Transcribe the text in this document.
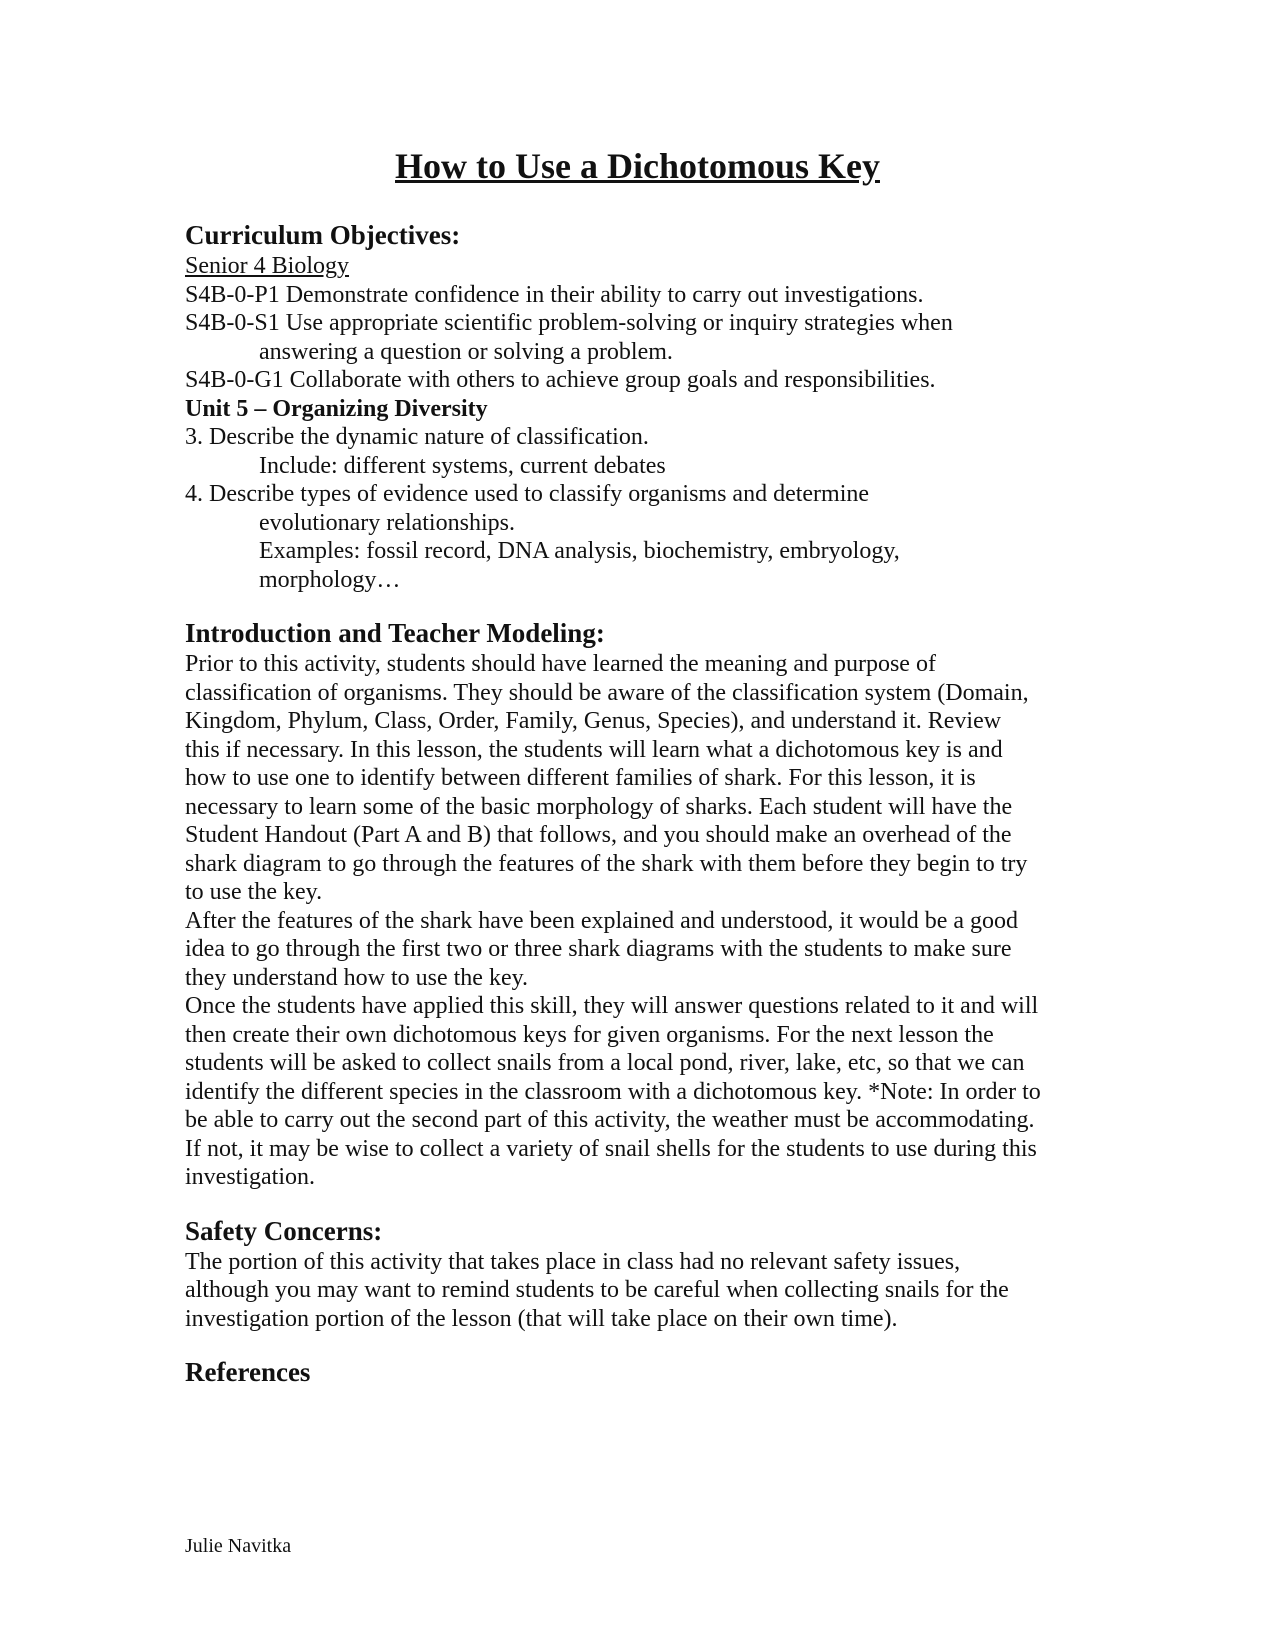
How to Use a Dichotomous Key

Curriculum Objectives:

Senior 4 Biology

S4B-0-P1 Demonstrate confidence in their ability to carry out investigations.

S4B-0-S1 Use appropriate scientific problem-solving or inquiry strategies when

answering a question or solving a problem.

S4B-0-G1 Collaborate with others to achieve group goals and responsibilities.

Unit 5 – Organizing Diversity

3. Describe the dynamic nature of classification.

Include: different systems, current debates

4. Describe types of evidence used to classify organisms and determine

evolutionary relationships.

Examples: fossil record, DNA analysis, biochemistry, embryology,

morphology…

Introduction and Teacher Modeling:

Prior to this activity, students should have learned the meaning and purpose of

classification of organisms. They should be aware of the classification system (Domain,

Kingdom, Phylum, Class, Order, Family, Genus, Species), and understand it. Review

this if necessary. In this lesson, the students will learn what a dichotomous key is and

how to use one to identify between different families of shark. For this lesson, it is

necessary to learn some of the basic morphology of sharks. Each student will have the

Student Handout (Part A and B) that follows, and you should make an overhead of the

shark diagram to go through the features of the shark with them before they begin to try

to use the key.

After the features of the shark have been explained and understood, it would be a good

idea to go through the first two or three shark diagrams with the students to make sure

they understand how to use the key.

Once the students have applied this skill, they will answer questions related to it and will

then create their own dichotomous keys for given organisms. For the next lesson the

students will be asked to collect snails from a local pond, river, lake, etc, so that we can

identify the different species in the classroom with a dichotomous key. *Note: In order to

be able to carry out the second part of this activity, the weather must be accommodating.

If not, it may be wise to collect a variety of snail shells for the students to use during this

investigation.

Safety Concerns:

The portion of this activity that takes place in class had no relevant safety issues,

although you may want to remind students to be careful when collecting snails for the

investigation portion of the lesson (that will take place on their own time).

References

Julie Navitka
